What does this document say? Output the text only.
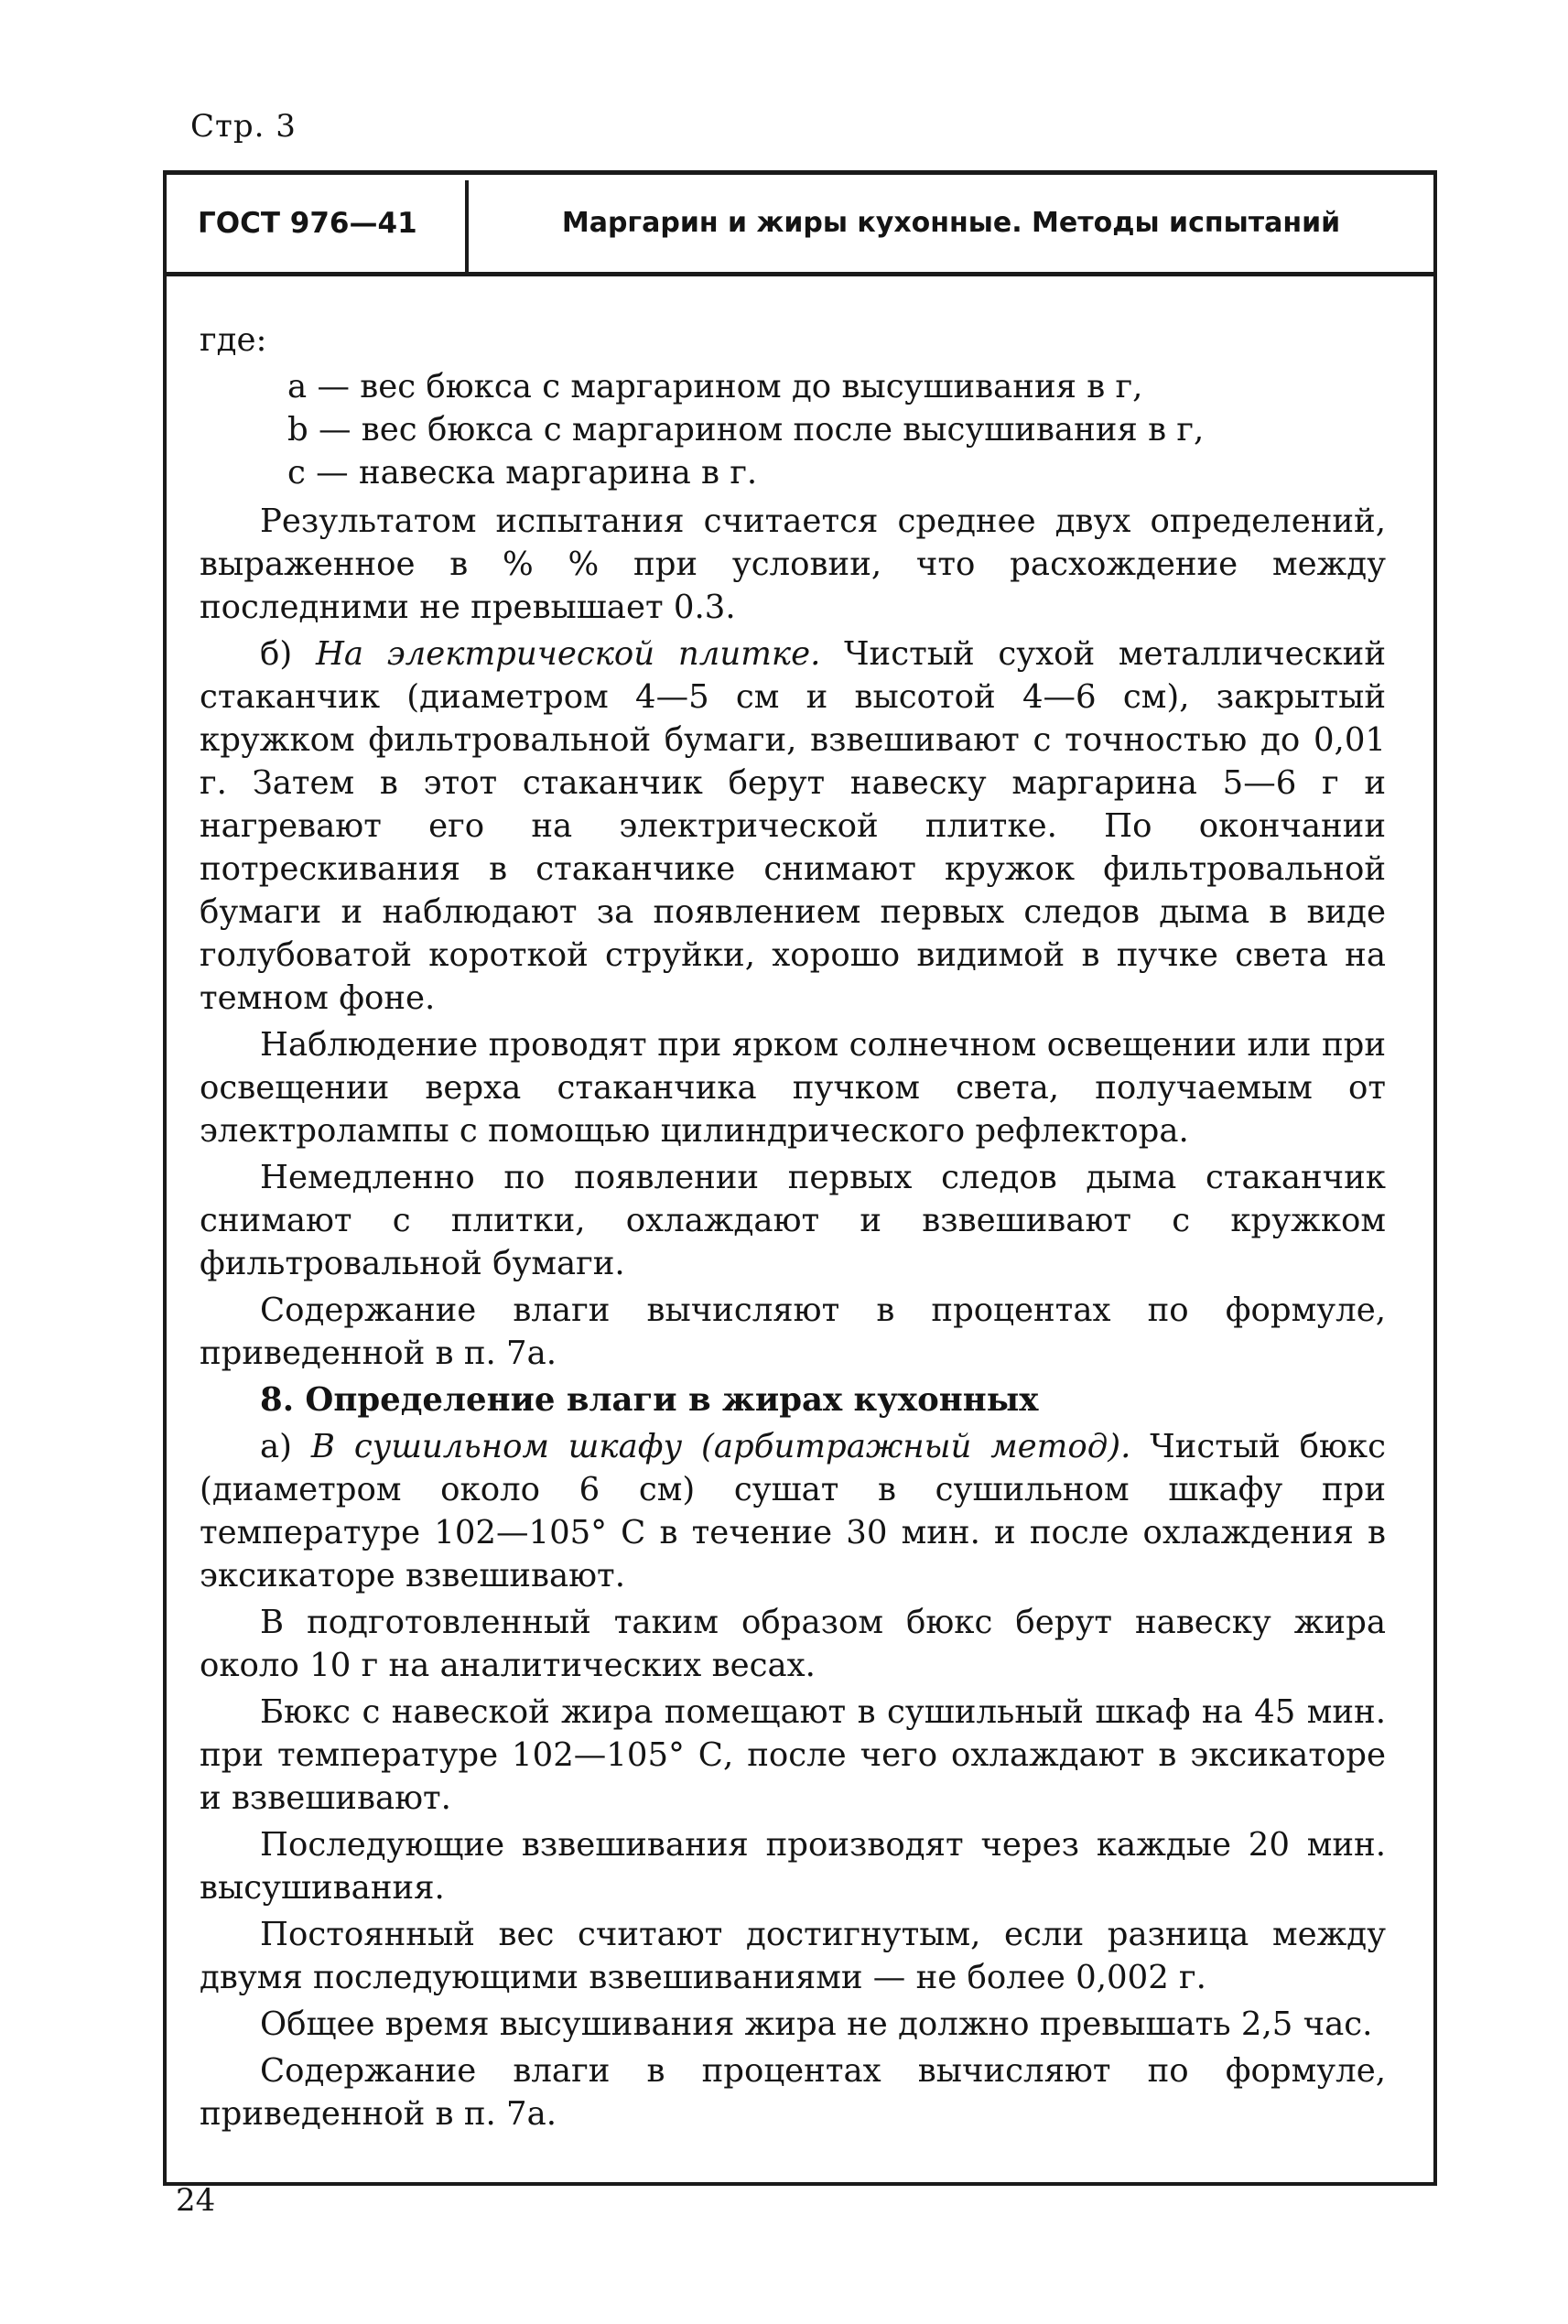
Стр. 3
ГОСТ 976—41	Маргарин и жиры кухонные. Методы испытаний

где:

a — вес бюкса с маргарином до высушивания в г,
b — вес бюкса с маргарином после высушивания в г,
c — навеска маргарина в г.

Результатом испытания считается среднее двух определений, выраженное в % % при условии, что расхождение между последними не превышает 0.3.

б) На электрической плитке. Чистый сухой металлический стаканчик (диаметром 4—5 см и высотой 4—6 см), закрытый кружком фильтровальной бумаги, взвешивают с точностью до 0,01 г. Затем в этот стаканчик берут навеску маргарина 5—6 г и нагревают его на электрической плитке. По окончании потрескивания в стаканчике снимают кружок фильтровальной бумаги и наблюдают за появлением первых следов дыма в виде голубоватой короткой струйки, хорошо видимой в пучке света на темном фоне.

Наблюдение проводят при ярком солнечном освещении или при освещении верха стаканчика пучком света, получаемым от электролампы с помощью цилиндрического рефлектора.

Немедленно по появлении первых следов дыма стаканчик снимают с плитки, охлаждают и взвешивают с кружком фильтровальной бумаги.

Содержание влаги вычисляют в процентах по формуле, приведенной в п. 7а.

8. Определение влаги в жирах кухонных

а) В сушильном шкафу (арбитражный метод). Чистый бюкс (диаметром около 6 см) сушат в сушильном шкафу при температуре 102—105° С в течение 30 мин. и после охлаждения в эксикаторе взвешивают.

В подготовленный таким образом бюкс берут навеску жира около 10 г на аналитических весах.

Бюкс с навеской жира помещают в сушильный шкаф на 45 мин. при температуре 102—105° С, после чего охлаждают в эксикаторе и взвешивают.

Последующие взвешивания производят через каждые 20 мин. высушивания.

Постоянный вес считают достигнутым, если разница между двумя последующими взвешиваниями — не более 0,002 г.

Общее время высушивания жира не должно превышать 2,5 час.

Содержание влаги в процентах вычисляют по формуле, приведенной в п. 7а.

24
